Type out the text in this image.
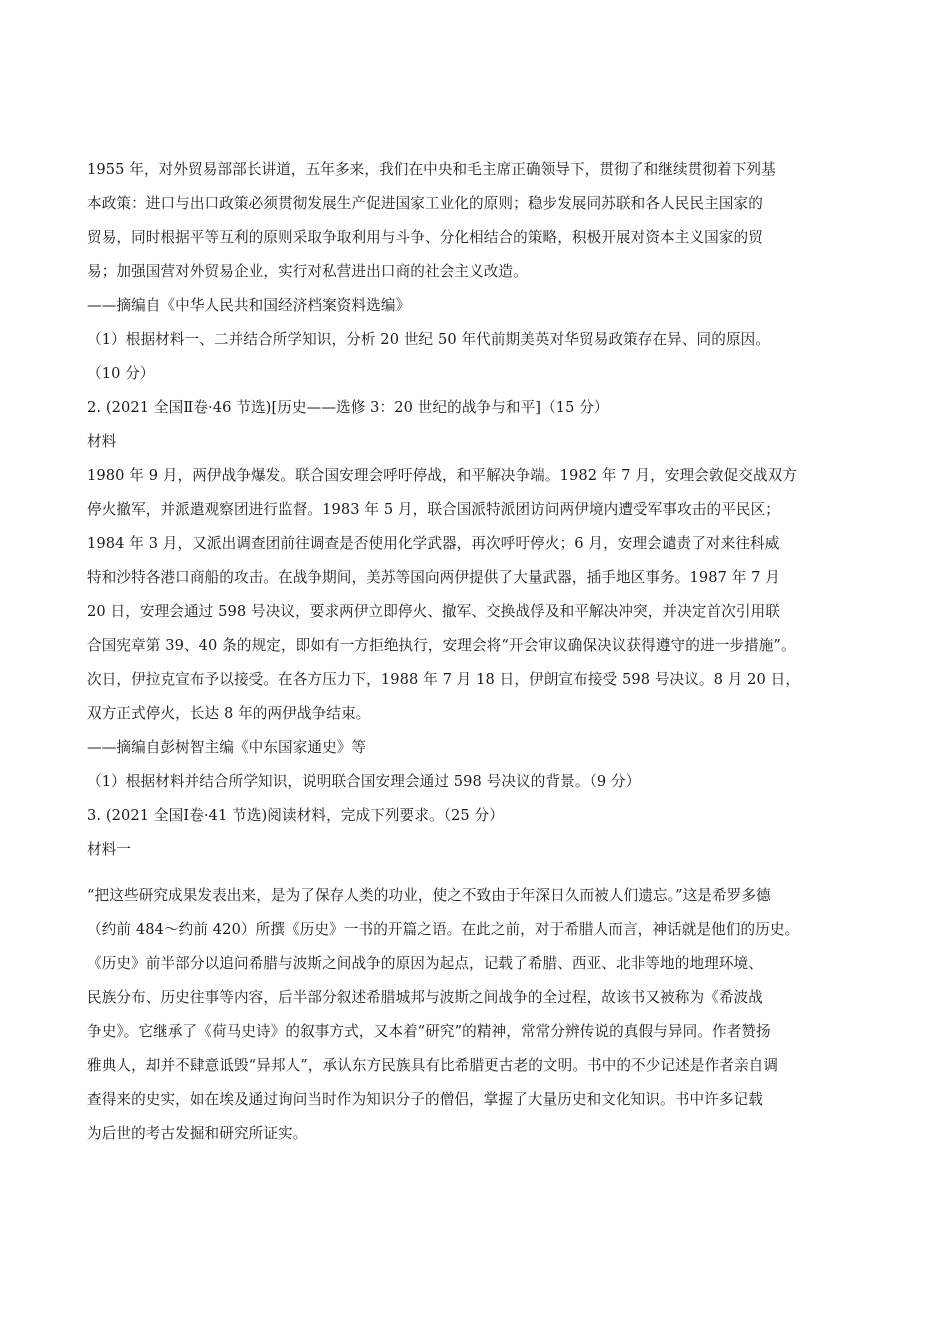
1955 年，对外贸易部部长讲道，五年多来，我们在中央和毛主席正确领导下，贯彻了和继续贯彻着下列基
本政策：进口与出口政策必须贯彻发展生产促进国家工业化的原则；稳步发展同苏联和各人民民主国家的
贸易，同时根据平等互利的原则采取争取利用与斗争、分化相结合的策略，积极开展对资本主义国家的贸
易；加强国营对外贸易企业，实行对私营进出口商的社会主义改造。
——摘编自《中华人民共和国经济档案资料选编》
（1）根据材料一、二并结合所学知识，分析 20 世纪 50 年代前期美英对华贸易政策存在异、同的原因。
（10 分）
2. (2021 全国Ⅱ卷·46 节选)[历史——选修 3：20 世纪的战争与和平]（15 分）
材料
1980 年 9 月，两伊战争爆发。联合国安理会呼吁停战，和平解决争端。1982 年 7 月，安理会敦促交战双方
停火撤军，并派遣观察团进行监督。1983 年 5 月，联合国派特派团访问两伊境内遭受军事攻击的平民区；
1984 年 3 月，又派出调查团前往调查是否使用化学武器，再次呼吁停火；6 月，安理会谴责了对来往科威
特和沙特各港口商船的攻击。在战争期间，美苏等国向两伊提供了大量武器，插手地区事务。1987 年 7 月
20 日，安理会通过 598 号决议，要求两伊立即停火、撤军、交换战俘及和平解决冲突，并决定首次引用联
合国宪章第 39、40 条的规定，即如有一方拒绝执行，安理会将“开会审议确保决议获得遵守的进一步措施”。
次日，伊拉克宣布予以接受。在各方压力下，1988 年 7 月 18 日，伊朗宣布接受 598 号决议。8 月 20 日，
双方正式停火，长达 8 年的两伊战争结束。
——摘编自彭树智主编《中东国家通史》等
（1）根据材料并结合所学知识，说明联合国安理会通过 598 号决议的背景。（9 分）
3. (2021 全国Ⅰ卷·41 节选)阅读材料，完成下列要求。（25 分）
材料一
“把这些研究成果发表出来，是为了保存人类的功业，使之不致由于年深日久而被人们遗忘。”这是希罗多德
（约前 484～约前 420）所撰《历史》一书的开篇之语。在此之前，对于希腊人而言，神话就是他们的历史。
《历史》前半部分以追问希腊与波斯之间战争的原因为起点，记载了希腊、西亚、北非等地的地理环境、
民族分布、历史往事等内容，后半部分叙述希腊城邦与波斯之间战争的全过程，故该书又被称为《希波战
争史》。它继承了《荷马史诗》的叙事方式，又本着“研究”的精神，常常分辨传说的真假与异同。作者赞扬
雅典人，却并不肆意诋毁“异邦人”，承认东方民族具有比希腊更古老的文明。书中的不少记述是作者亲自调
查得来的史实，如在埃及通过询问当时作为知识分子的僧侣，掌握了大量历史和文化知识。书中许多记载
为后世的考古发掘和研究所证实。
